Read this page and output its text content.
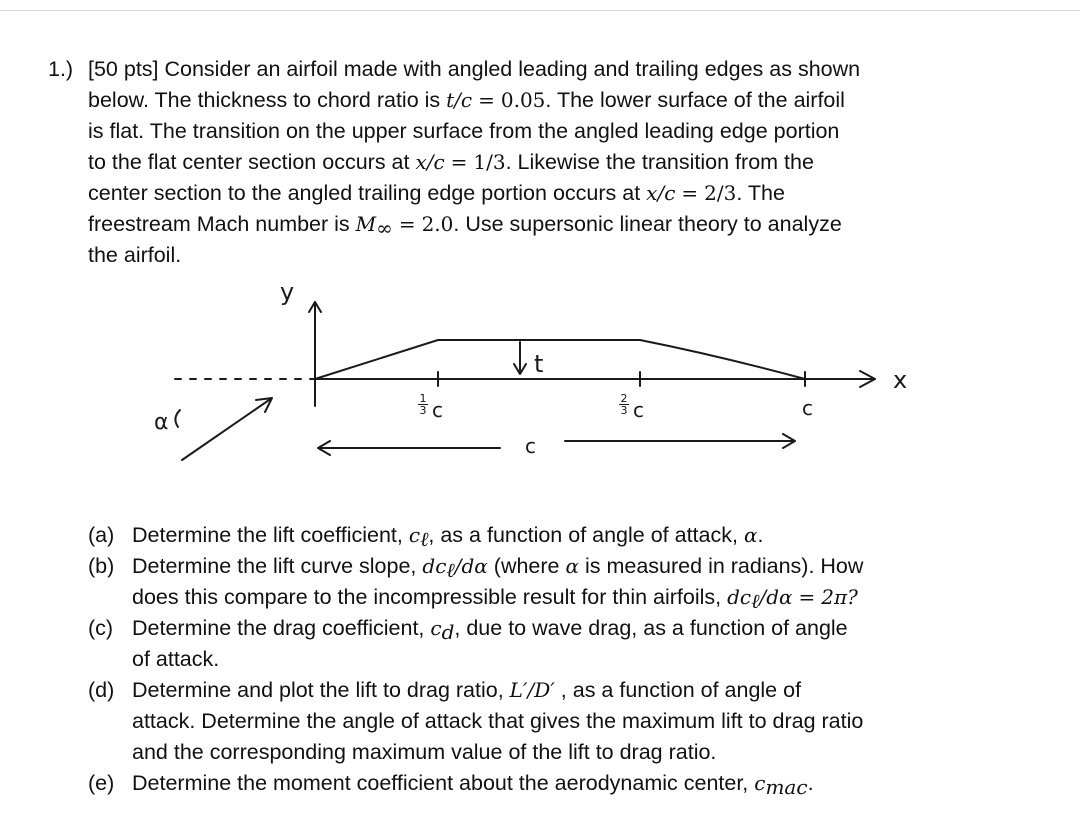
1.) [50 pts] Consider an airfoil made with angled leading and trailing edges as shown
below. The thickness to chord ratio is t/c = 0.05. The lower surface of the airfoil
is flat. The transition on the upper surface from the angled leading edge portion
to the flat center section occurs at x/c = 1/3. Likewise the transition from the
center section to the angled trailing edge portion occurs at x/c = 2/3. The
freestream Mach number is $M_\infty = 2.0$. Use supersonic linear theory to analyze
the airfoil.
y
x
t
α
1
3 c	2
3 c	c
c
(a) Determine the lift coefficient, $c_\ell$, as a function of angle of attack, α.
(b) Determine the lift curve slope, $dc_\ell/d\alpha$ (where α is measured in radians). How
does this compare to the incompressible result for thin airfoils, $dc_\ell/d\alpha = 2\pi$?
(c) Determine the drag coefficient, $c_d$, due to wave drag, as a function of angle
of attack.
(d) Determine and plot the lift to drag ratio, L′/D′ , as a function of angle of
attack. Determine the angle of attack that gives the maximum lift to drag ratio
and the corresponding maximum value of the lift to drag ratio.
(e) Determine the moment coefficient about the aerodynamic center, $c_{mac}$.
